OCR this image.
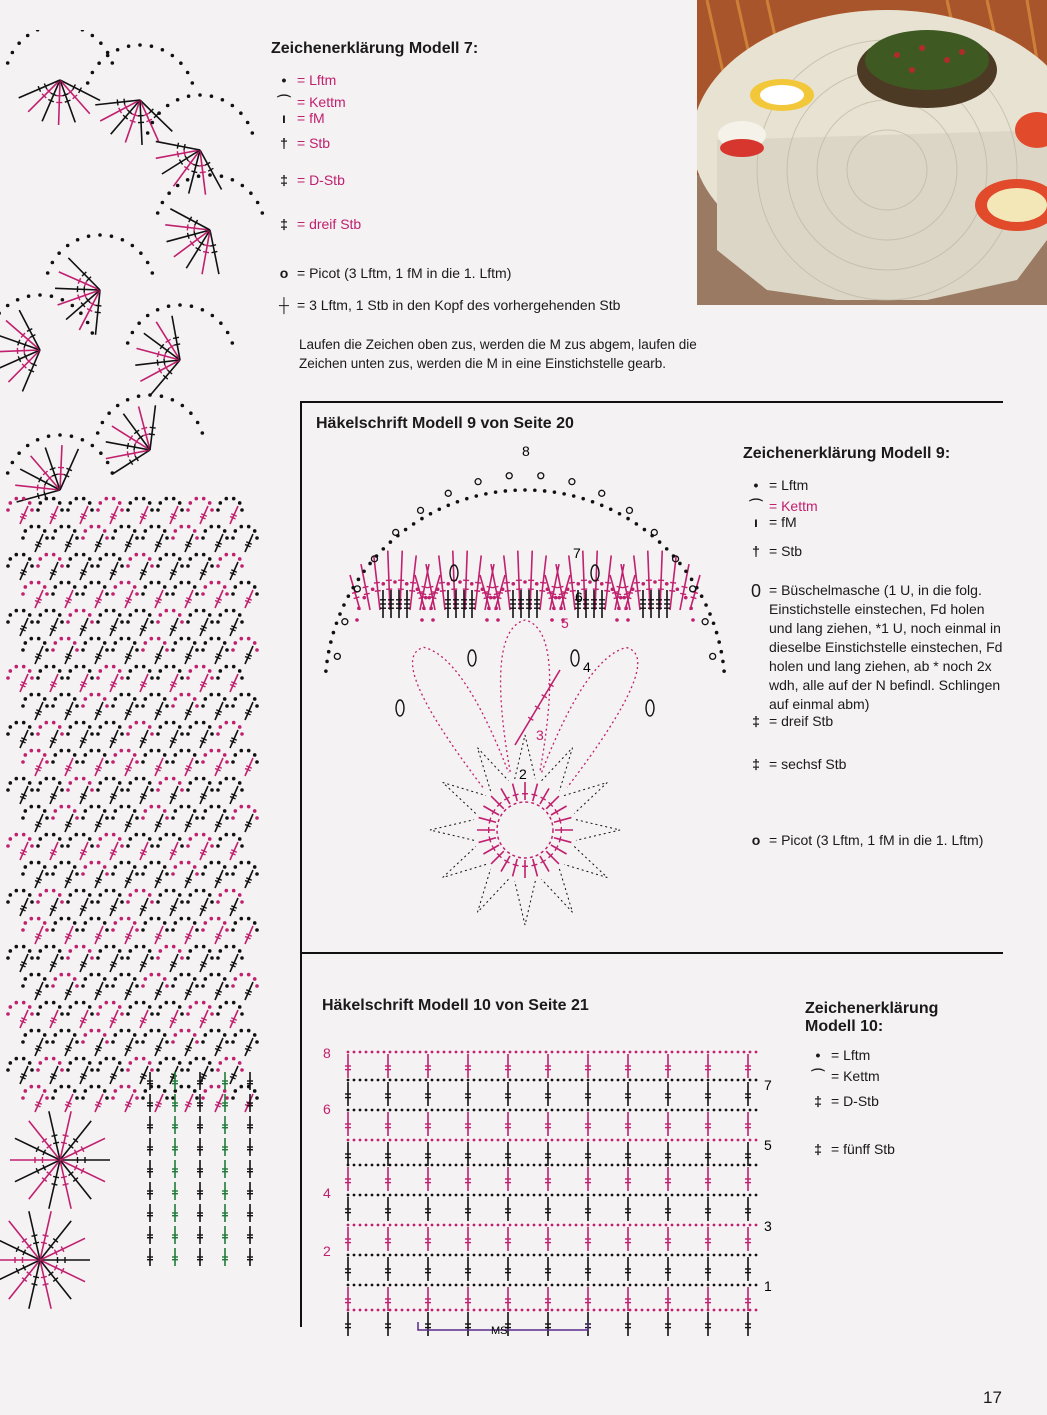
Zeichenerklärung Modell 7:
• = Lftm
⌒ = Kettm
ı = fM
† = Stb
‡ = D-Stb
‡ = dreif Stb
o = Picot (3 Lftm, 1 fM in die 1. Lftm)
┼ = 3 Lftm, 1 Stb in den Kopf des vorhergehenden Stb
Laufen die Zeichen oben zus, werden die M zus abgem, laufen die Zeichen unten zus, werden die M in eine Einstichstelle gearb.
Häkelschrift Modell 9 von Seite 20
8
7
6
5
4
3
2
Zeichenerklärung Modell 9:
• = Lftm
⌒ = Kettm
ı = fM
† = Stb
0 = Büschelmasche (1 U, in die folg. Einstichstelle einstechen, Fd holen und lang ziehen, *1 U, noch einmal in dieselbe Einstichstelle einstechen, Fd holen und lang ziehen, ab * noch 2x wdh, alle auf der N befindl. Schlingen auf einmal abm)
‡ = dreif Stb
‡ = sechsf Stb
o = Picot (3 Lftm, 1 fM in die 1. Lftm)
Häkelschrift Modell 10 von Seite 21
8
6
4
2
7
5
3
1
MS
Zeichenerklärung
Modell 10:
• = Lftm
⌒ = Kettm
‡ = D-Stb
‡ = fünff Stb
17
